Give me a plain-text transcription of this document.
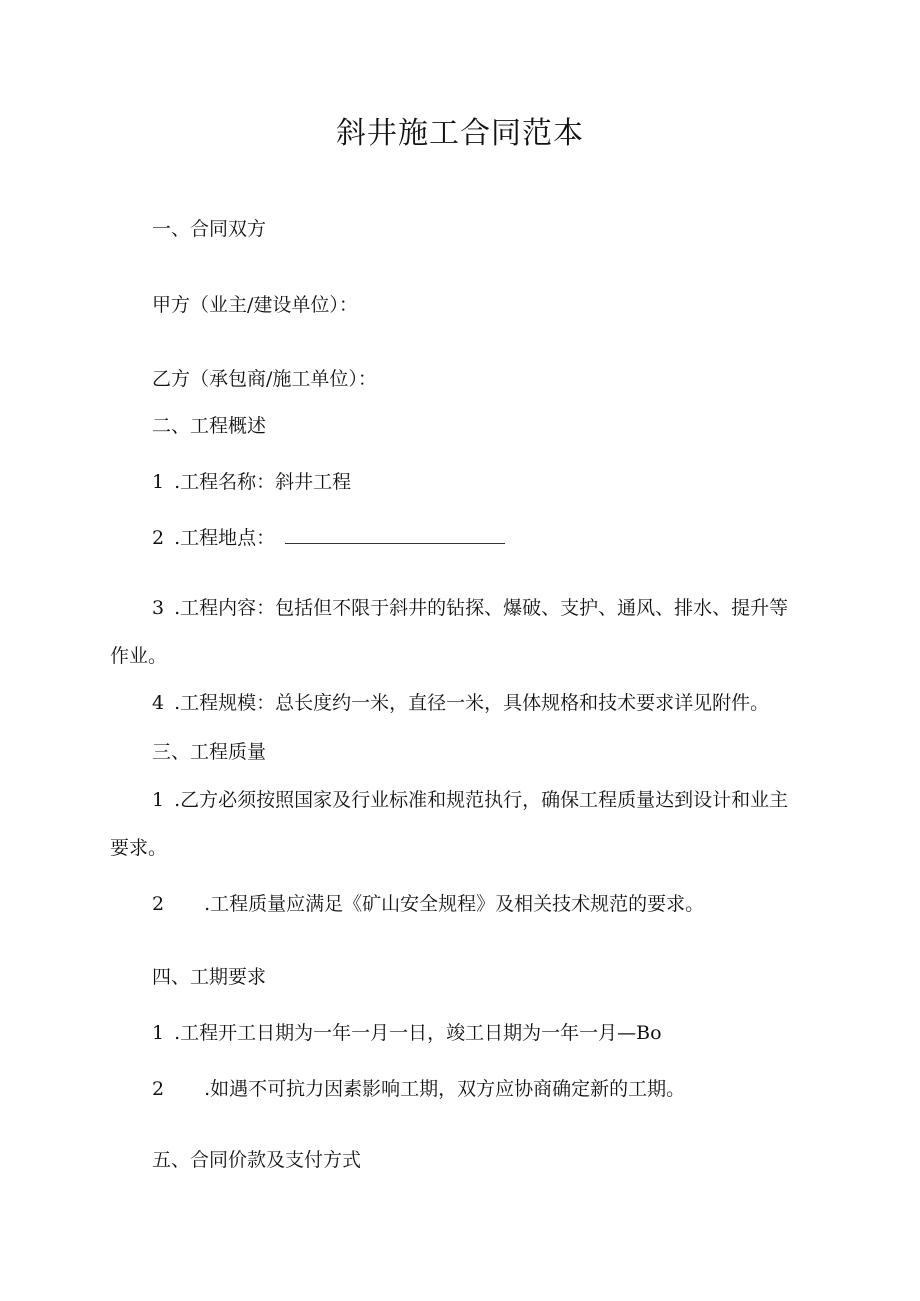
斜井施工合同范本
一、合同双方
甲方（业主/建设单位）：
乙方（承包商/施工单位）：
二、工程概述
1 .工程名称：斜井工程
2 .工程地点：
3 .工程内容：包括但不限于斜井的钻探、爆破、支护、通风、排水、提升等
作业。
4 .工程规模：总长度约一米，直径一米，具体规格和技术要求详见附件。
三、工程质量
1 .乙方必须按照国家及行业标准和规范执行，确保工程质量达到设计和业主
要求。
2 .工程质量应满足《矿山安全规程》及相关技术规范的要求。
四、工期要求
1 .工程开工日期为一年一月一日，竣工日期为一年一月—Bo
2 .如遇不可抗力因素影响工期，双方应协商确定新的工期。
五、合同价款及支付方式
